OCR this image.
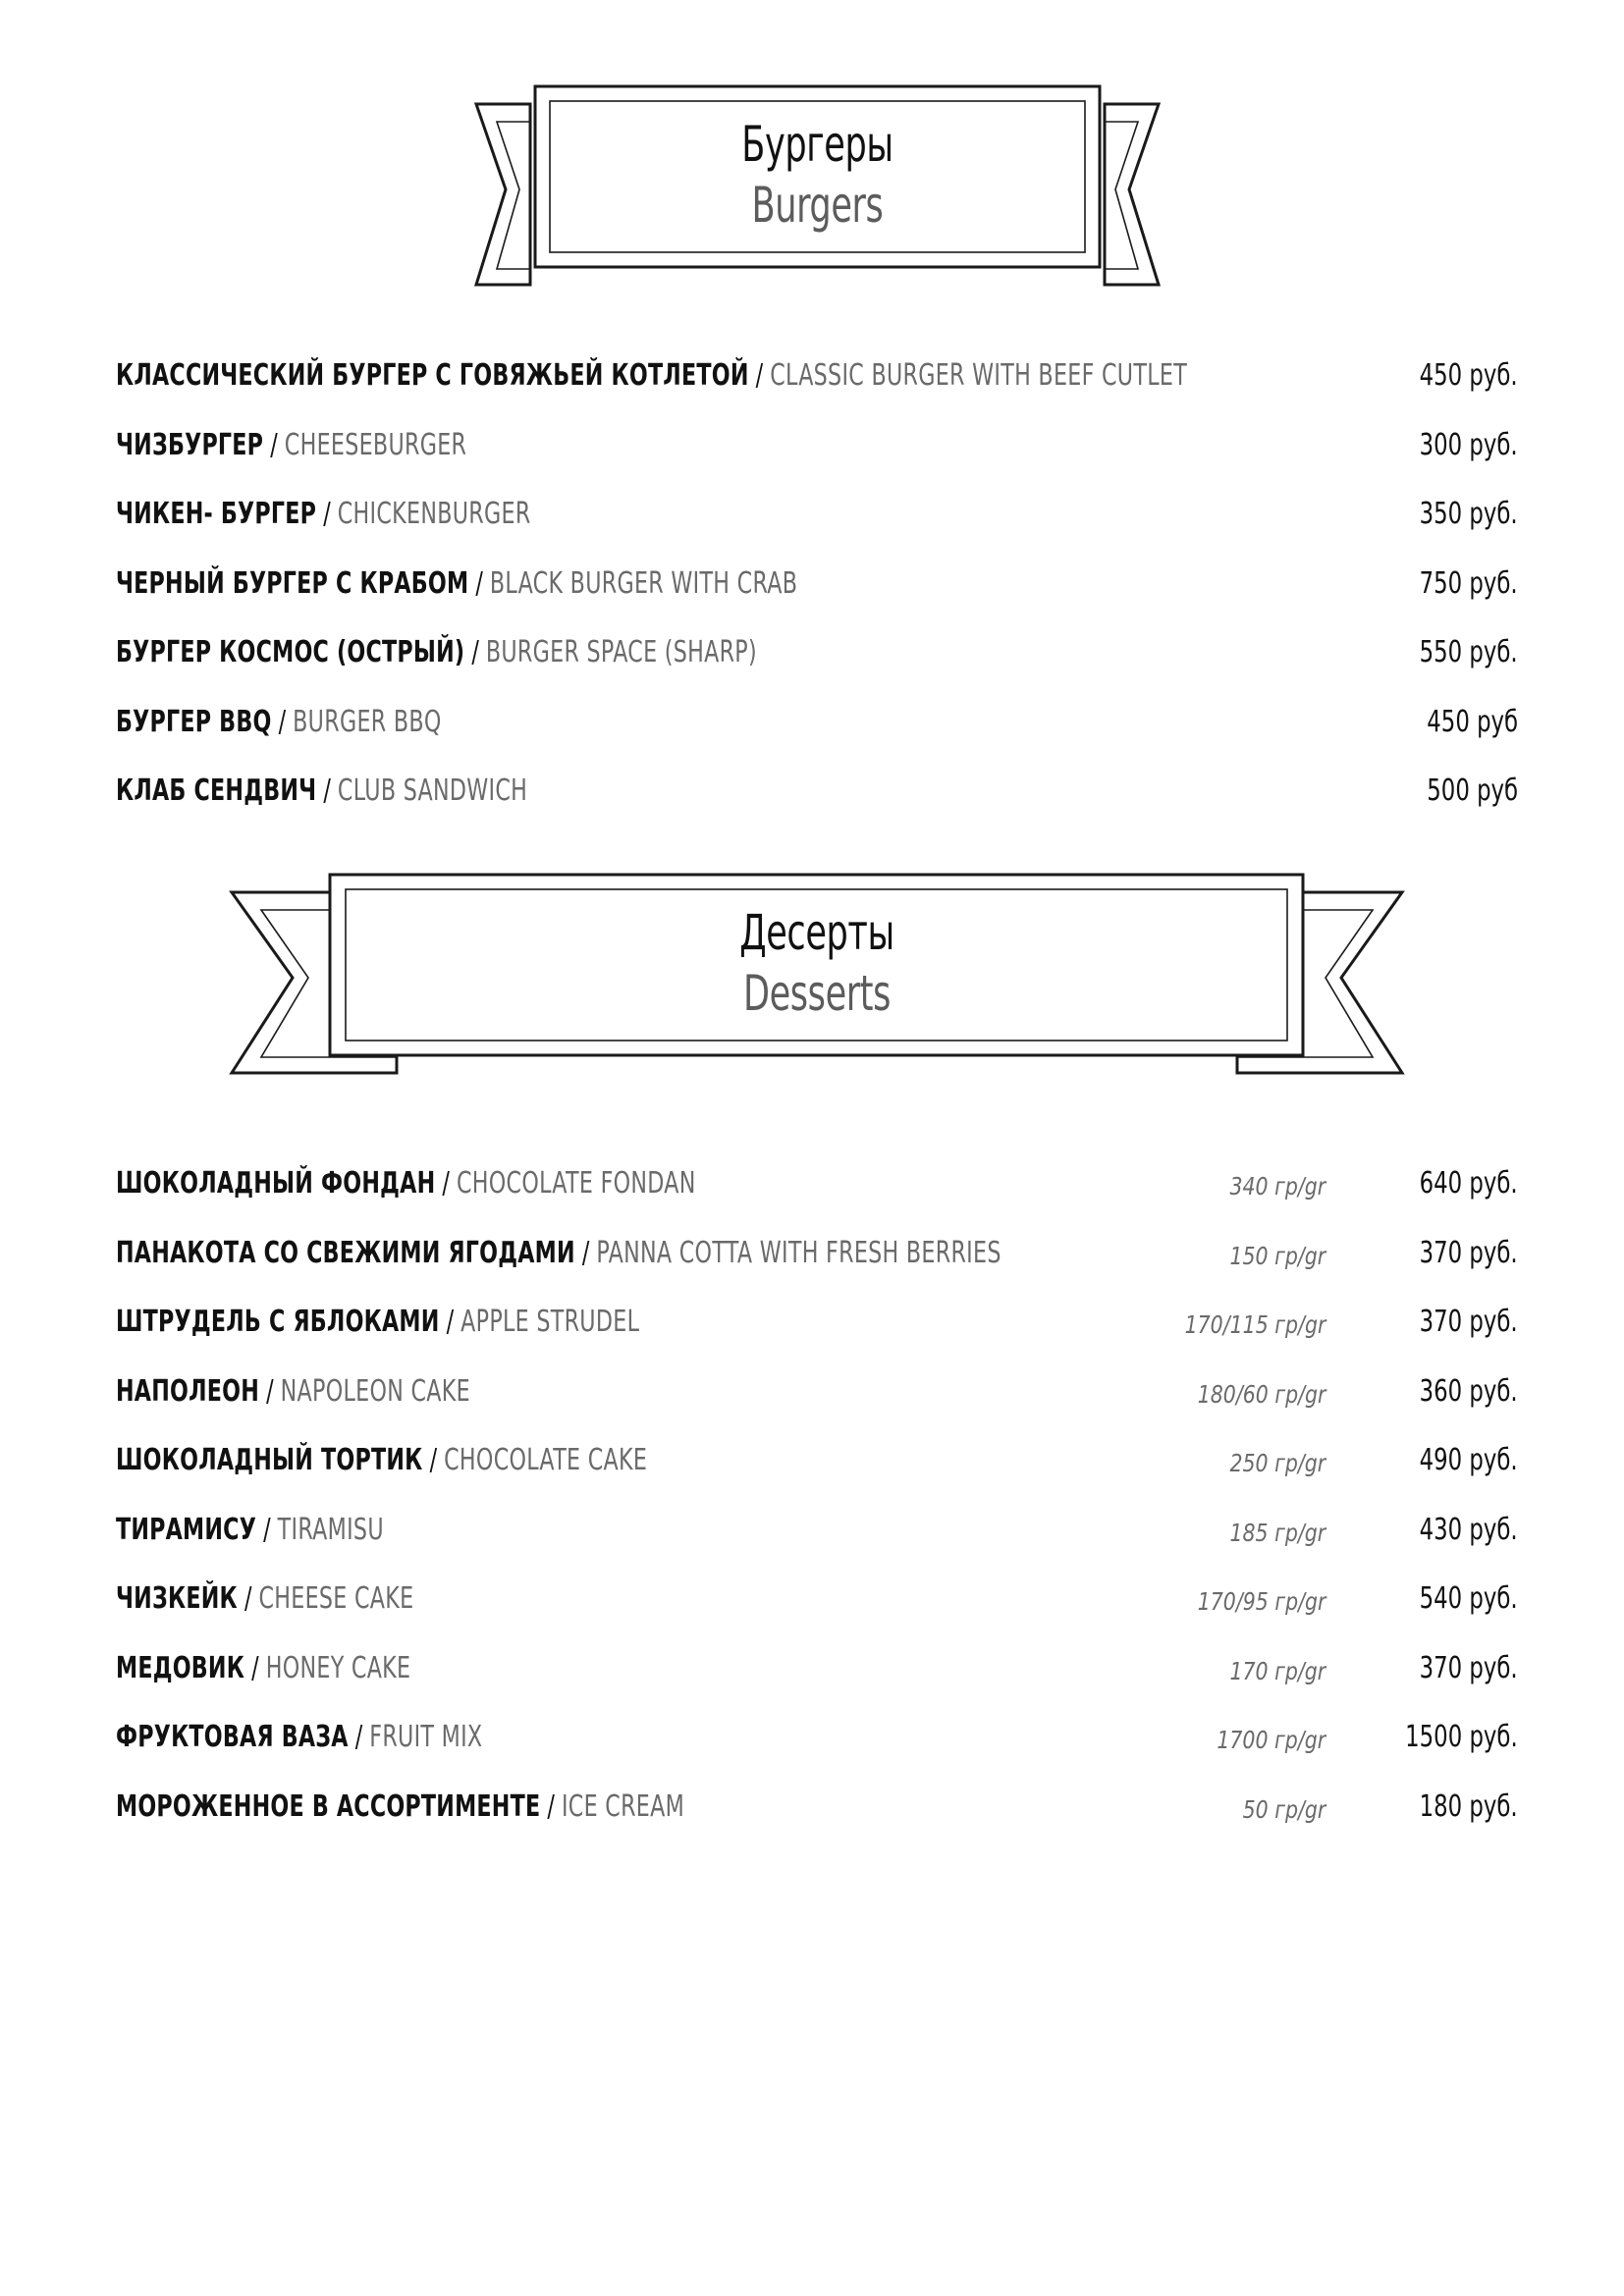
Бургеры
Burgers
КЛАССИЧЕСКИЙ БУРГЕР С ГОВЯЖЬЕЙ КОТЛЕТОЙ / CLASSIC BURGER WITH BEEF CUTLET	450 руб.
ЧИЗБУРГЕР / CHEESEBURGER	300 руб.
ЧИКЕН- БУРГЕР / CHICKENBURGER	350 руб.
ЧЕРНЫЙ БУРГЕР С КРАБОМ / BLACK BURGER WITH CRAB	750 руб.
БУРГЕР КОСМОС (ОСТРЫЙ) / BURGER SPACE (SHARP)	550 руб.
БУРГЕР BBQ / BURGER BBQ	450 руб
КЛАБ СЕНДВИЧ / CLUB SANDWICH	500 руб
Десерты
Desserts
ШОКОЛАДНЫЙ ФОНДАН / CHOCOLATE FONDAN	340 гр/gr	640 руб.
ПАНАКОТА СО СВЕЖИМИ ЯГОДАМИ / PANNA COTTA WITH FRESH BERRIES	150 гр/gr	370 руб.
ШТРУДЕЛЬ С ЯБЛОКАМИ / APPLE STRUDEL	170/115 гр/gr	370 руб.
НАПОЛЕОН / NAPOLEON CAKE	180/60 гр/gr	360 руб.
ШОКОЛАДНЫЙ ТОРТИК / CHOCOLATE CAKE	250 гр/gr	490 руб.
ТИРАМИСУ / TIRAMISU	185 гр/gr	430 руб.
ЧИЗКЕЙК / CHEESE CAKE	170/95 гр/gr	540 руб.
МЕДОВИК / HONEY CAKE	170 гр/gr	370 руб.
ФРУКТОВАЯ ВАЗА / FRUIT MIX	1700 гр/gr	1500 руб.
МОРОЖЕННОЕ В АССОРТИМЕНТЕ / ICE CREAM	50 гр/gr	180 руб.
